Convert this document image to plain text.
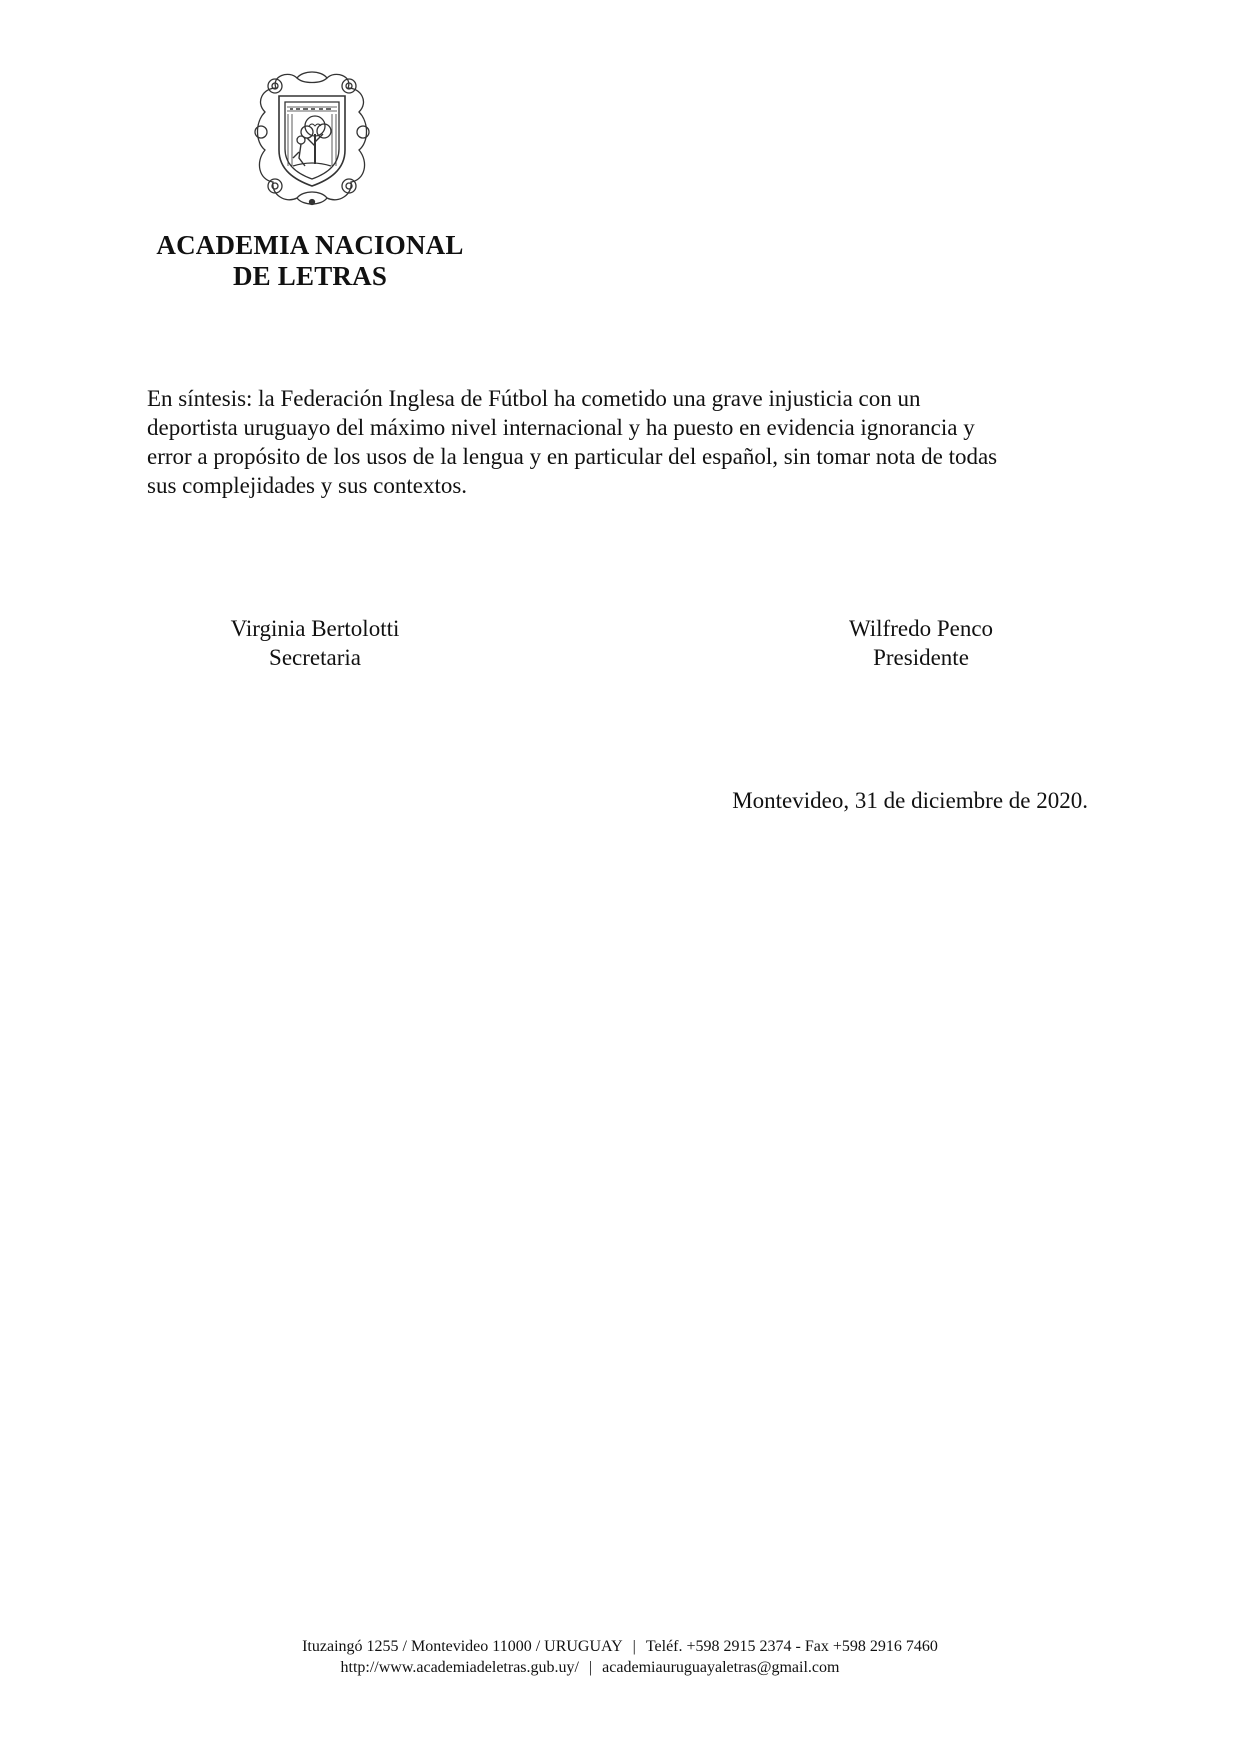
ACADEMIA NACIONAL
DE LETRAS
En síntesis: la Federación Inglesa de Fútbol ha cometido una grave injusticia con un
deportista uruguayo del máximo nivel internacional y ha puesto en evidencia ignorancia y
error a propósito de los usos de la lengua y en particular del español, sin tomar nota de todas
sus complejidades y sus contextos.
Virginia Bertolotti
Secretaria
Wilfredo Penco
Presidente
Montevideo, 31 de diciembre de 2020.
Ituzaingó 1255 / Montevideo 11000 / URUGUAY | Teléf. +598 2915 2374 - Fax +598 2916 7460
http://www.academiadeletras.gub.uy/ | academiauruguayaletras@gmail.com
